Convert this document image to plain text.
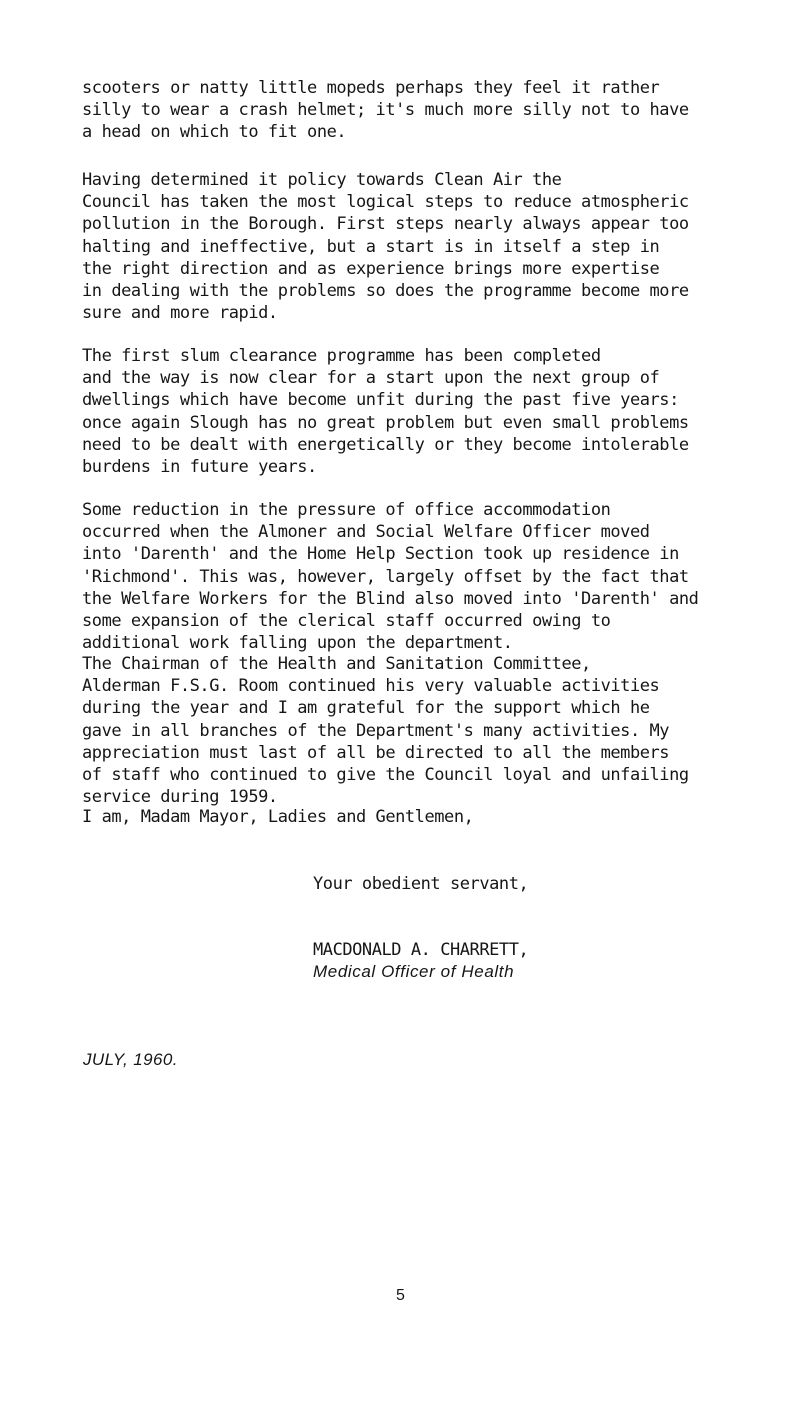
scooters or natty little mopeds perhaps they feel it rather
silly to wear a crash helmet; it's much more silly not to have
a head on which to fit one.

Having determined it policy towards Clean Air the
Council has taken the most logical steps to reduce atmospheric
pollution in the Borough. First steps nearly always appear too
halting and ineffective, but a start is in itself a step in
the right direction and as experience brings more expertise
in dealing with the problems so does the programme become more
sure and more rapid.

The first slum clearance programme has been completed
and the way is now clear for a start upon the next group of
dwellings which have become unfit during the past five years:
once again Slough has no great problem but even small problems
need to be dealt with energetically or they become intolerable
burdens in future years.

Some reduction in the pressure of office accommodation
occurred when the Almoner and Social Welfare Officer moved
into 'Darenth' and the Home Help Section took up residence in
'Richmond'. This was, however, largely offset by the fact that
the Welfare Workers for the Blind also moved into 'Darenth' and
some expansion of the clerical staff occurred owing to
additional work falling upon the department.

The Chairman of the Health and Sanitation Committee,
Alderman F.S.G. Room continued his very valuable activities
during the year and I am grateful for the support which he
gave in all branches of the Department's many activities. My
appreciation must last of all be directed to all the members
of staff who continued to give the Council loyal and unfailing
service during 1959.

I am, Madam Mayor, Ladies and Gentlemen,

Your obedient servant,

MACDONALD A. CHARRETT,

Medical Officer of Health

JULY, 1960.

5
